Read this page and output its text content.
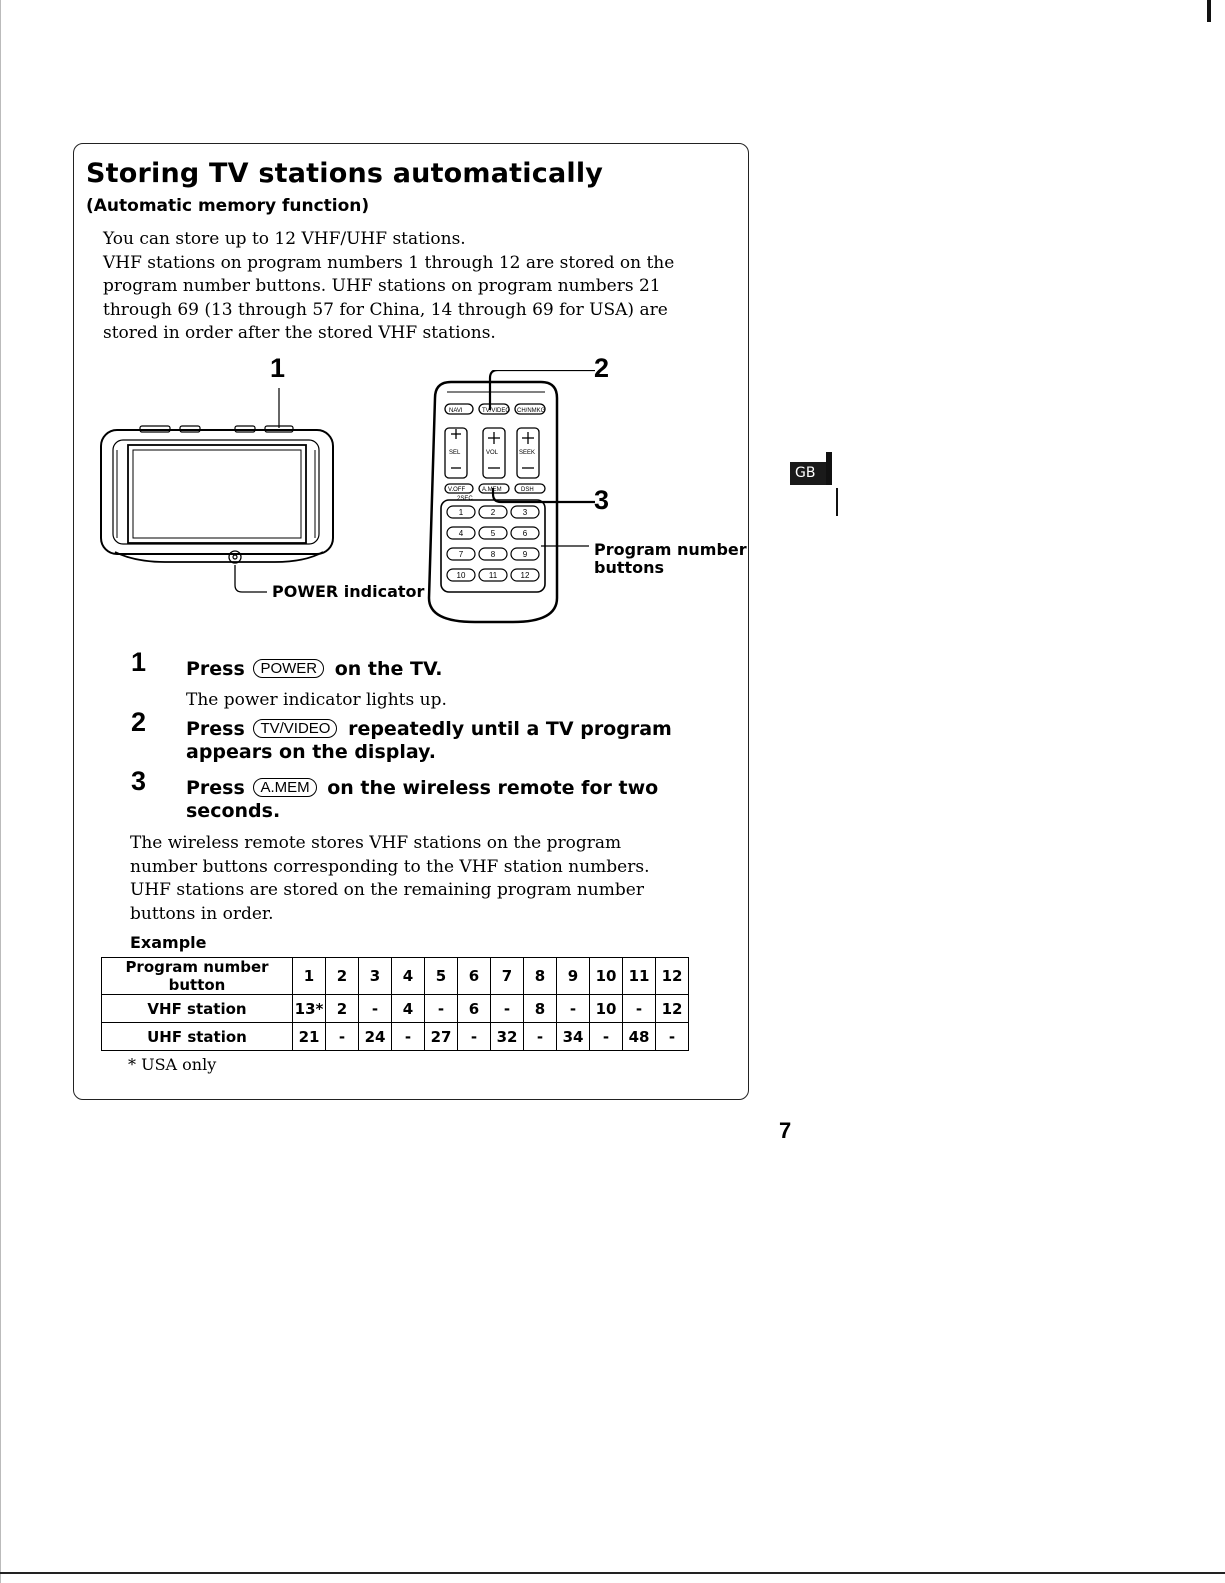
Storing TV stations automatically
(Automatic memory function)
You can store up to 12 VHF/UHF stations.
VHF stations on program numbers 1 through 12 are stored on the
program number buttons. UHF stations on program numbers 21
through 69 (13 through 57 for China, 14 through 69 for USA) are
stored in order after the stored VHF stations.
1	2
3
NAVI	TV/VIDEO CH/NMKG
SEL	VOL	SEEK
V.OFF	A.MEM	DSH
2SEC
1	2	3
4	5	6
7	8	9
10	11	12
POWER indicator
Program number
buttons
1 Press POWER on the TV.
The power indicator lights up.
2 Press TV/VIDEO repeatedly until a TV program
appears on the display.
3 Press A.MEM on the wireless remote for two
seconds.
The wireless remote stores VHF stations on the program
number buttons corresponding to the VHF station numbers.
UHF stations are stored on the remaining program number
buttons in order.
Example
Program number button	1	2	3	4	5	6	7	8	9	10	11	12
VHF station	13*	2	-	4	-	6	-	8	-	10	-	12
UHF station	21	-	24	-	27	-	32	-	34	-	48	-
* USA only
GB
7
